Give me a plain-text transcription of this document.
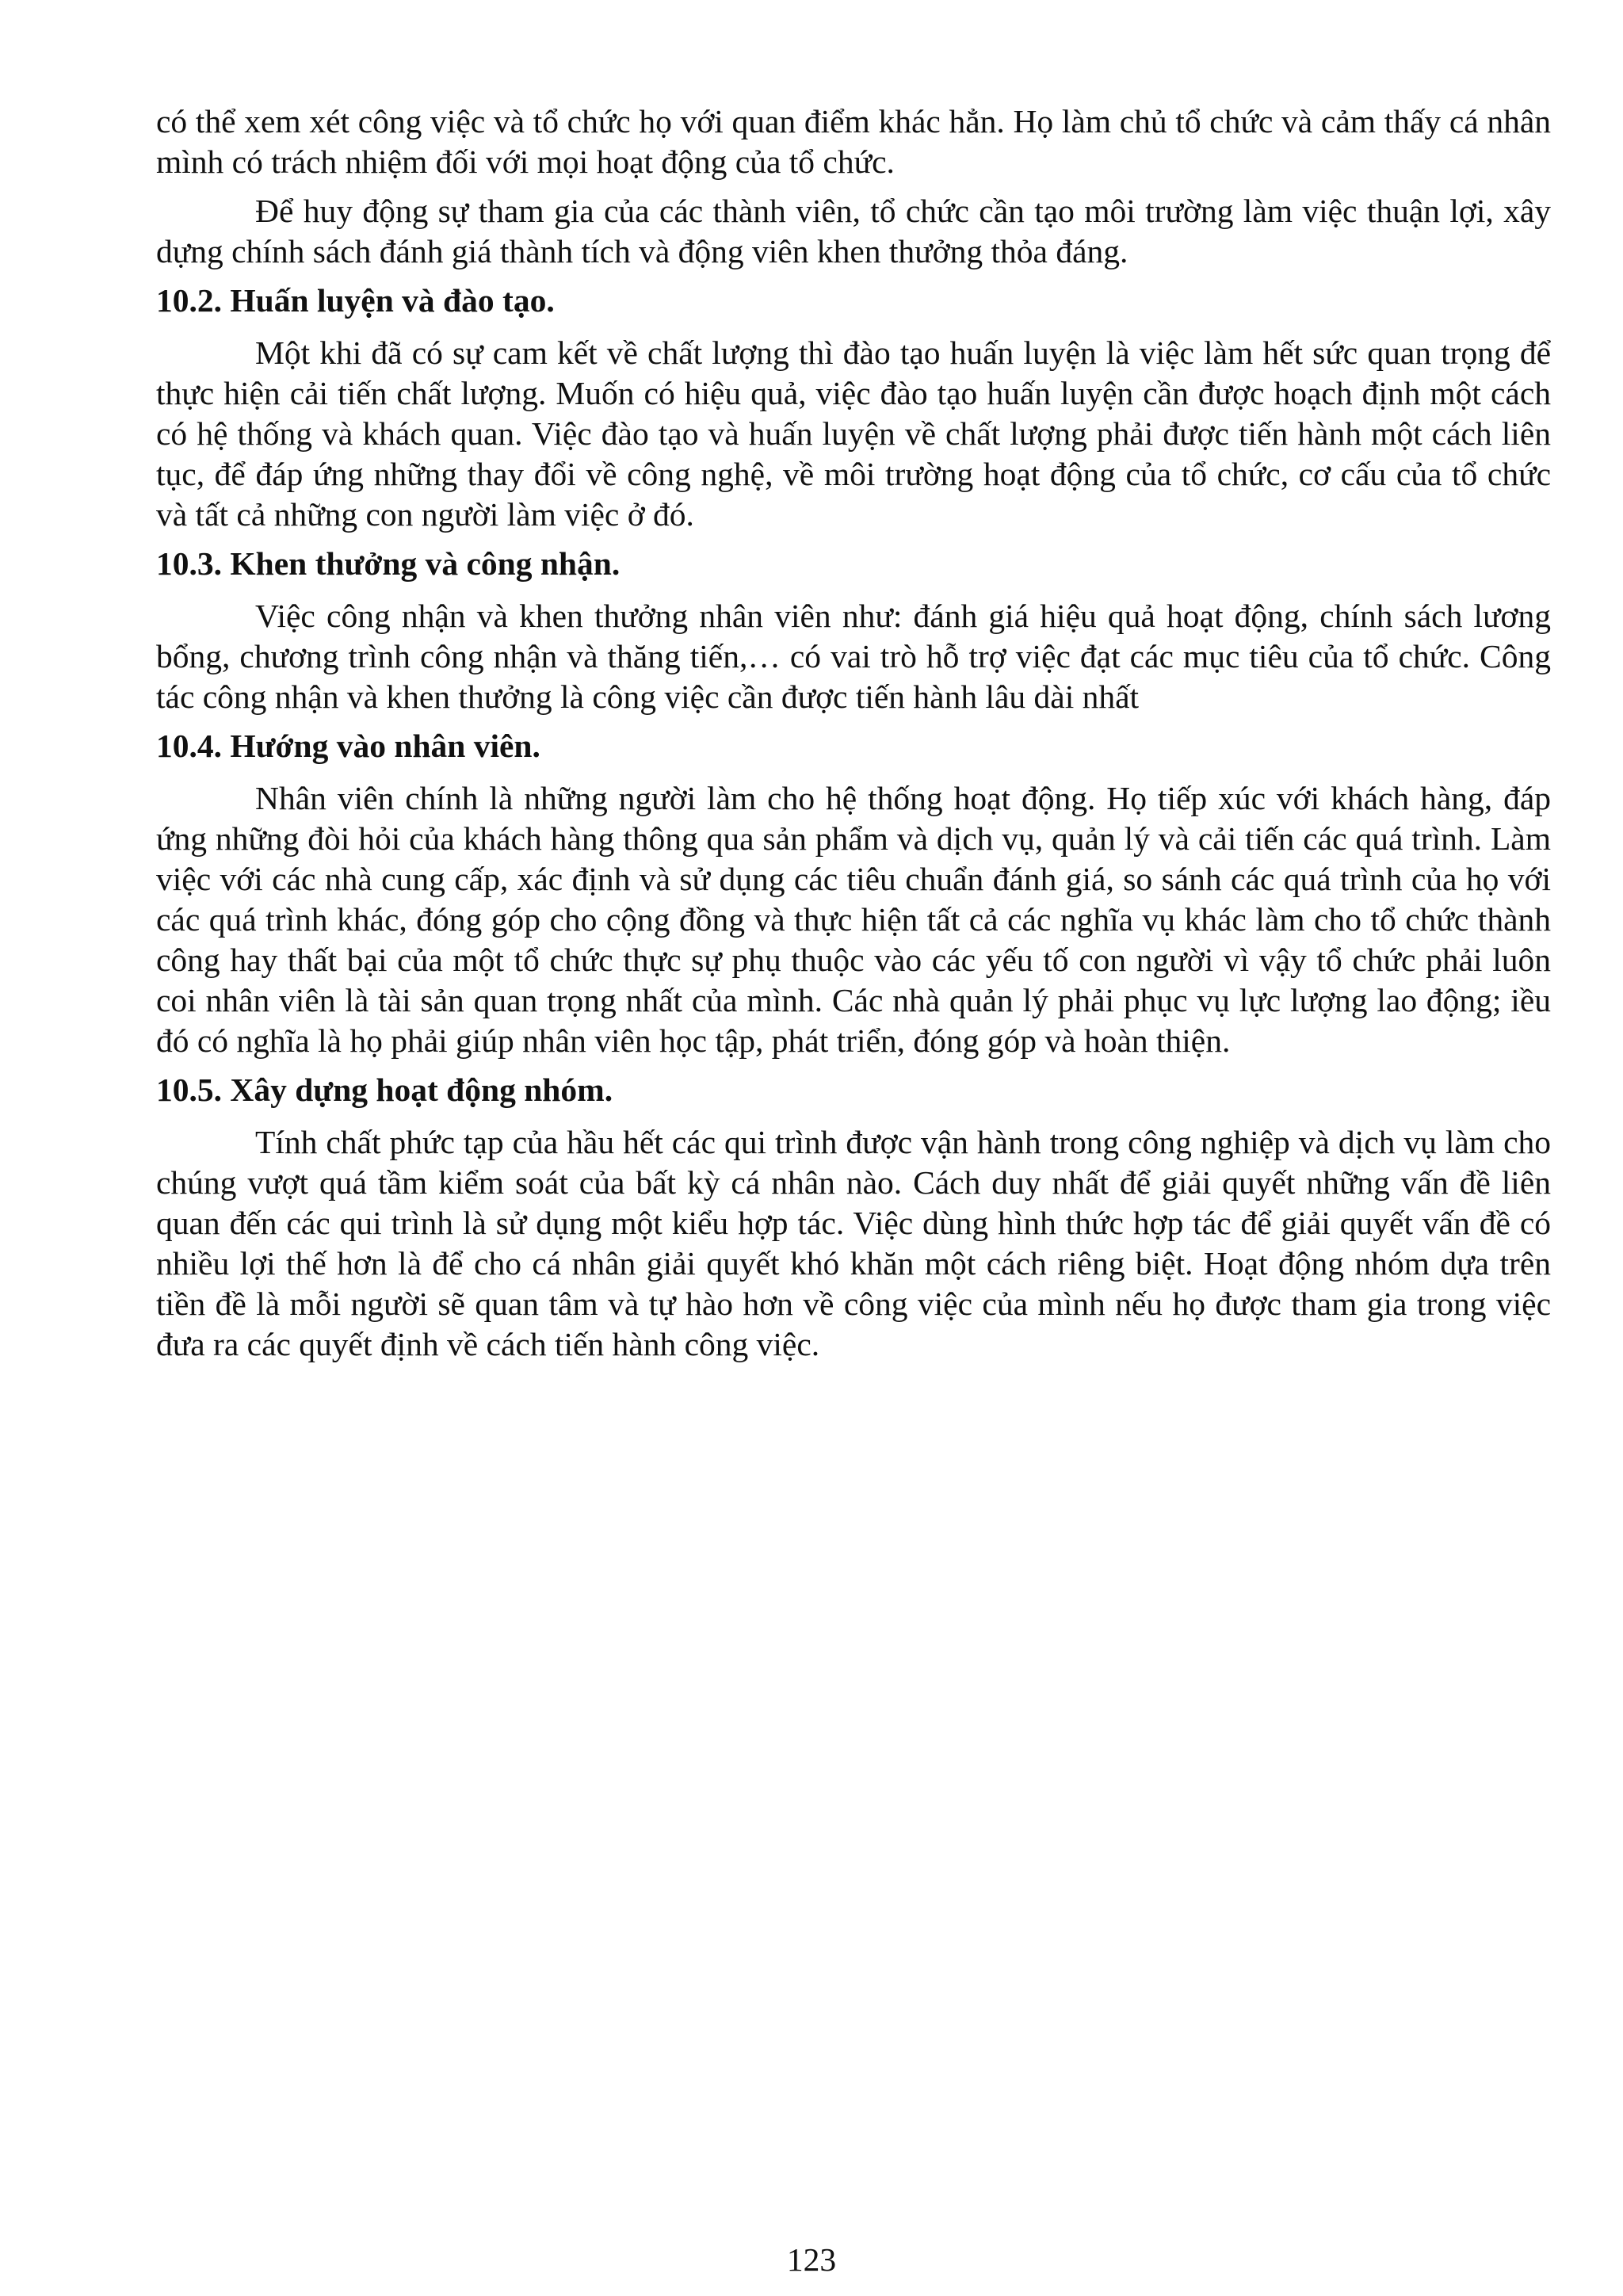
có thể xem xét công việc và tổ chức họ với quan điểm khác hẳn. Họ làm chủ tổ chức và cảm thấy cá nhân mình có trách nhiệm đối với mọi hoạt động của tổ chức.

Để huy động sự tham gia của các thành viên, tổ chức cần tạo môi trường làm việc thuận lợi, xây dựng chính sách đánh giá thành tích và động viên khen thưởng thỏa đáng.

10.2. Huấn luyện và đào tạo.

Một khi đã có sự cam kết về chất lượng thì đào tạo huấn luyện là việc làm hết sức quan trọng để thực hiện cải tiến chất lượng. Muốn có hiệu quả, việc đào tạo huấn luyện cần được hoạch định một cách có hệ thống và khách quan. Việc đào tạo và huấn luyện về chất lượng phải được tiến hành một cách liên tục, để đáp ứng những thay đổi về công nghệ, về môi trường hoạt động của tổ chức, cơ cấu của tổ chức và tất cả những con người làm việc ở đó.

10.3. Khen thưởng và công nhận.

Việc công nhận và khen thưởng nhân viên như: đánh giá hiệu quả hoạt động, chính sách lương bổng, chương trình công nhận và thăng tiến,… có vai trò hỗ trợ việc đạt các mục tiêu của tổ chức. Công tác công nhận và khen thưởng là công việc cần được tiến hành lâu dài nhất

10.4. Hướng vào nhân viên.

Nhân viên chính là những người làm cho hệ thống hoạt động. Họ tiếp xúc với khách hàng, đáp ứng những đòi hỏi của khách hàng thông qua sản phẩm và dịch vụ, quản lý và cải tiến các quá trình. Làm việc với các nhà cung cấp, xác định và sử dụng các tiêu chuẩn đánh giá, so sánh các quá trình của họ với các quá trình khác, đóng góp cho cộng đồng và thực hiện tất cả các nghĩa vụ khác làm cho tổ chức thành công hay thất bại của một tổ chức thực sự phụ thuộc vào các yếu tố con người vì vậy tổ chức phải luôn coi nhân viên là tài sản quan trọng nhất của mình. Các nhà quản lý phải phục vụ lực lượng lao động; iều đó có nghĩa là họ phải giúp nhân viên học tập, phát triển, đóng góp và hoàn thiện.

10.5. Xây dựng hoạt động nhóm.

Tính chất phức tạp của hầu hết các qui trình được vận hành trong công nghiệp và dịch vụ làm cho chúng vượt quá tầm kiểm soát của bất kỳ cá nhân nào. Cách duy nhất để giải quyết những vấn đề liên quan đến các qui trình là sử dụng một kiểu hợp tác. Việc dùng hình thức hợp tác để giải quyết vấn đề có nhiều lợi thế hơn là để cho cá nhân giải quyết khó khăn một cách riêng biệt. Hoạt động nhóm dựa trên tiền đề là mỗi người sẽ quan tâm và tự hào hơn về công việc của mình nếu họ được tham gia trong việc đưa ra các quyết định về cách tiến hành công việc.

123
